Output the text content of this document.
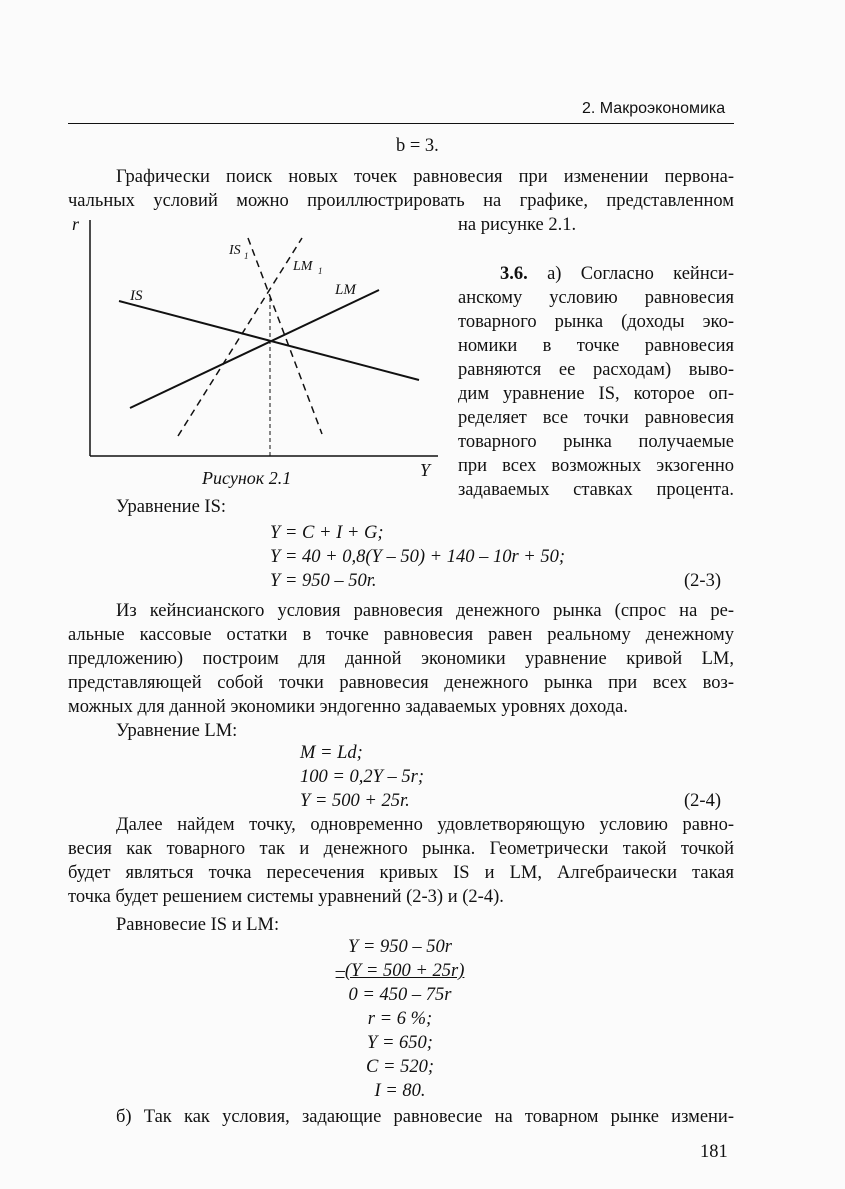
2. Макроэкономика
b = 3.
Графически поиск новых точек равновесия при изменении первона-
чальных условий можно проиллюстрировать на графике, представленном
на рисунке 2.1.
r
IS 1
LM 1
IS	LM
Y
Рисунок 2.1
3.6. а) Согласно кейнси-
анскому условию равновесия
товарного рынка (доходы эко-
номики в точке равновесия
равняются ее расходам) выво-
дим уравнение IS, которое оп-
ределяет все точки равновесия
товарного рынка получаемые
при всех возможных экзогенно
задаваемых ставках процента.
Уравнение IS:
Y = C + I + G;
Y = 40 + 0,8(Y – 50) + 140 – 10r + 50;
Y = 950 – 50r.	(2-3)
Из кейнсианского условия равновесия денежного рынка (спрос на ре-
альные кассовые остатки в точке равновесия равен реальному денежному
предложению) построим для данной экономики уравнение кривой LM,
представляющей собой точки равновесия денежного рынка при всех воз-
можных для данной экономики эндогенно задаваемых уровнях дохода.
Уравнение LM:
M = Ld;
100 = 0,2Y – 5r;
Y = 500 + 25r.	(2-4)
Далее найдем точку, одновременно удовлетворяющую условию равно-
весия как товарного так и денежного рынка. Геометрически такой точкой
будет являться точка пересечения кривых IS и LM, Алгебраически такая
точка будет решением системы уравнений (2-3) и (2-4).
Равновесие IS и LM:
Y = 950 – 50r
–(Y = 500 + 25r)
0 = 450 – 75r
r = 6 %;
Y = 650;
C = 520;
I = 80.
б) Так как условия, задающие равновесие на товарном рынке измени-
181
